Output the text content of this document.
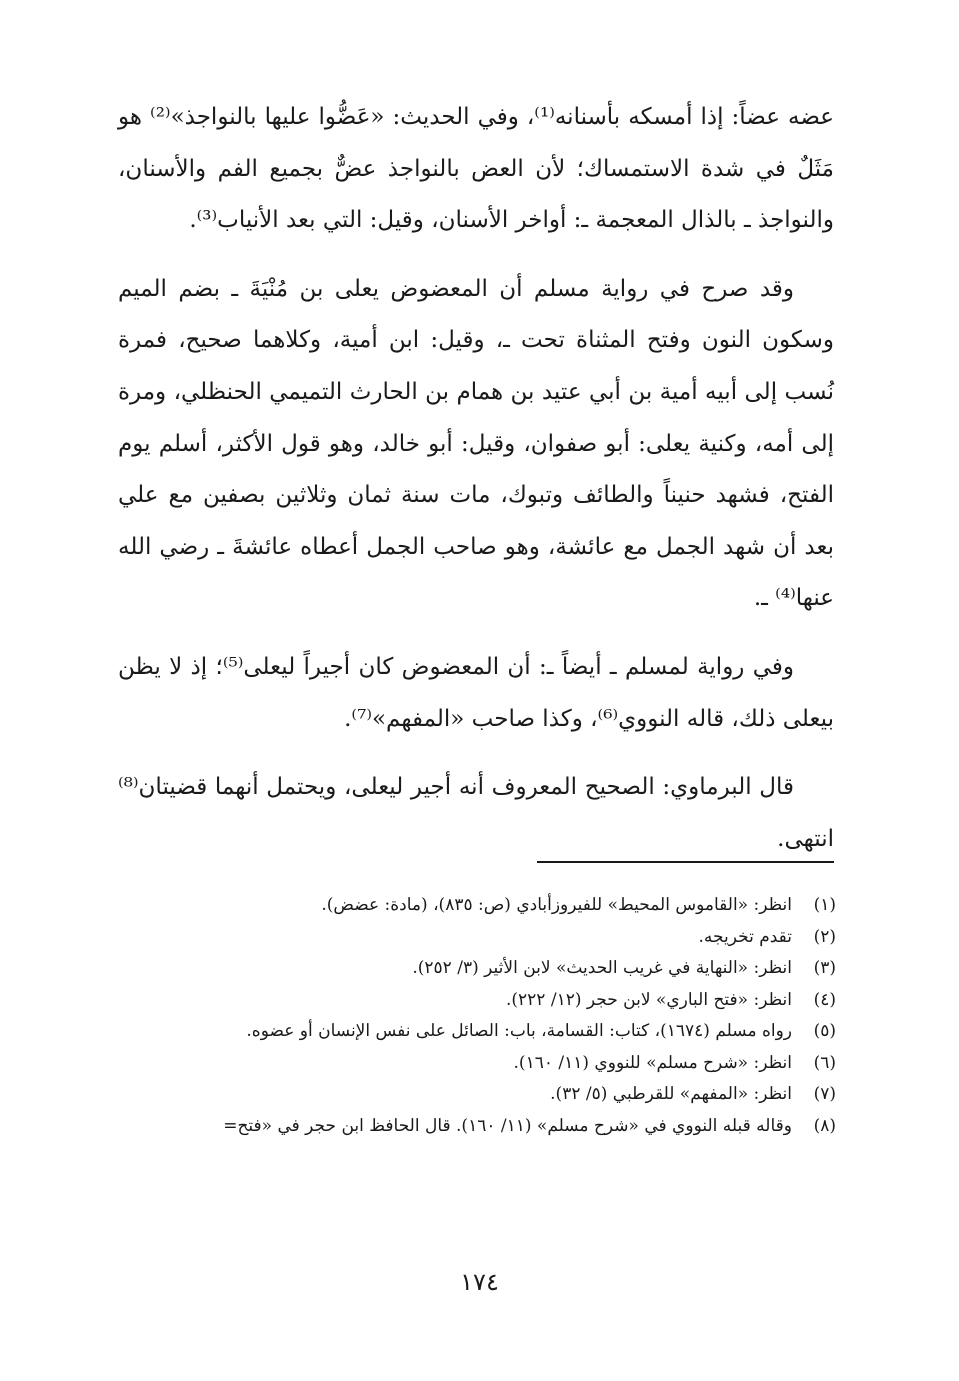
عضه عضاً: إذا أمسكه بأسنانه⁽¹⁾، وفي الحديث: «عَضُّوا عليها بالنواجذ»⁽²⁾ هو مَثَلٌ في شدة الاستمساك؛ لأن العض بالنواجذ عضٌّ بجميع الفم والأسنان، والنواجذ ـ بالذال المعجمة ـ: أواخر الأسنان، وقيل: التي بعد الأنياب⁽³⁾.

وقد صرح في رواية مسلم أن المعضوض يعلى بن مُنْيَةَ ـ بضم الميم وسكون النون وفتح المثناة تحت ـ، وقيل: ابن أمية، وكلاهما صحيح، فمرة نُسب إلى أبيه أمية بن أبي عتيد بن همام بن الحارث التميمي الحنظلي، ومرة إلى أمه، وكنية يعلى: أبو صفوان، وقيل: أبو خالد، وهو قول الأكثر، أسلم يوم الفتح، فشهد حنيناً والطائف وتبوك، مات سنة ثمان وثلاثين بصفين مع علي بعد أن شهد الجمل مع عائشة، وهو صاحب الجمل أعطاه عائشةَ ـ رضي الله عنها⁽⁴⁾ ـ.

وفي رواية لمسلم ـ أيضاً ـ: أن المعضوض كان أجيراً ليعلى⁽⁵⁾؛ إذ لا يظن بيعلى ذلك، قاله النووي⁽⁶⁾، وكذا صاحب «المفهم»⁽⁷⁾.

قال البرماوي: الصحيح المعروف أنه أجير ليعلى، ويحتمل أنهما قضيتان⁽⁸⁾ انتهى.

(١)
انظر: «القاموس المحيط» للفيروزأبادي (ص: ٨٣٥)، (مادة: عضض).
(٢)
تقدم تخريجه.
(٣)
انظر: «النهاية في غريب الحديث» لابن الأثير (٣/ ٢٥٢).
(٤)
انظر: «فتح الباري» لابن حجر (١٢/ ٢٢٢).
(٥)
رواه مسلم (١٦٧٤)، كتاب: القسامة، باب: الصائل على نفس الإنسان أو عضوه.
(٦)
انظر: «شرح مسلم» للنووي (١١/ ١٦٠).
(٧)
انظر: «المفهم» للقرطبي (٥/ ٣٢).
(٨)
وقاله قبله النووي في «شرح مسلم» (١١/ ١٦٠). قال الحافظ ابن حجر في «فتح=
١٧٤
